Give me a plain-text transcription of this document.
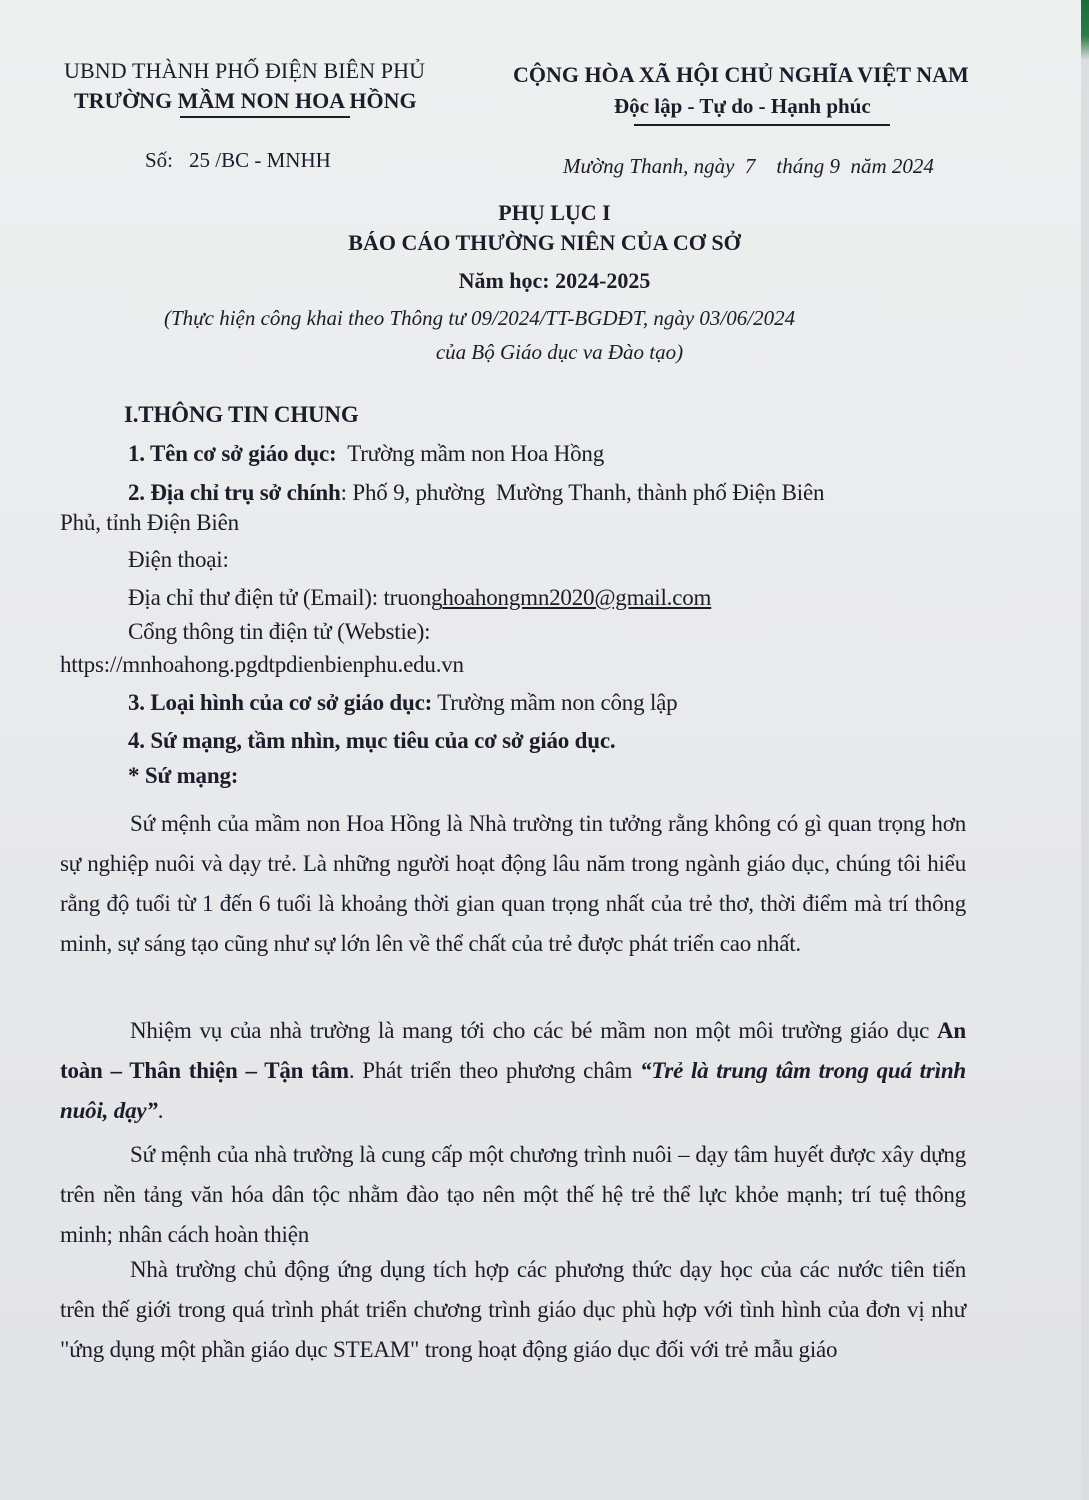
UBND THÀNH PHỐ ĐIỆN BIÊN PHỦ
TRƯỜNG MẦM NON HOA HỒNG
CỘNG HÒA XÃ HỘI CHỦ NGHĨA VIỆT NAM
Độc lập - Tự do - Hạnh phúc
Số: 25 /BC - MNHH	Mường Thanh, ngày  7    tháng 9  năm 2024
PHỤ LỤC I
BÁO CÁO THƯỜNG NIÊN CỦA CƠ SỞ
Năm học: 2024-2025
(Thực hiện công khai theo Thông tư 09/2024/TT-BGDĐT, ngày 03/06/2024
của Bộ Giáo dục va Đào tạo)
I.THÔNG TIN CHUNG
1. Tên cơ sở giáo dục: Trường mầm non Hoa Hồng
2. Địa chỉ trụ sở chính: Phố 9, phường  Mường Thanh, thành phố Điện Biên
Phủ, tỉnh Điện Biên
Điện thoại:
Địa chỉ thư điện tử (Email): truonghoahongmn2020@gmail.com
Cổng thông tin điện tử (Webstie):
https://mnhoahong.pgdtpdienbienphu.edu.vn
3. Loại hình của cơ sở giáo dục: Trường mầm non công lập
4. Sứ mạng, tầm nhìn, mục tiêu của cơ sở giáo dục.
* Sứ mạng:
Sứ mệnh của mầm non Hoa Hồng là Nhà trường tin tưởng rằng không có gì quan trọng hơn sự nghiệp nuôi và dạy trẻ. Là những người hoạt động lâu năm trong ngành giáo dục, chúng tôi hiểu rằng độ tuổi từ 1 đến 6 tuổi là khoảng thời gian quan trọng nhất của trẻ thơ, thời điểm mà trí thông minh, sự sáng tạo cũng như sự lớn lên về thể chất của trẻ được phát triển cao nhất.
Nhiệm vụ của nhà trường là mang tới cho các bé mầm non một môi trường giáo dục An toàn – Thân thiện – Tận tâm. Phát triển theo phương châm “Trẻ là trung tâm trong quá trình nuôi, dạy”.
Sứ mệnh của nhà trường là cung cấp một chương trình nuôi – dạy tâm huyết được xây dựng trên nền tảng văn hóa dân tộc nhằm đào tạo nên một thế hệ trẻ thể lực khỏe mạnh; trí tuệ thông minh; nhân cách hoàn thiện
Nhà trường chủ động ứng dụng tích hợp các phương thức dạy học của các nước tiên tiến trên thế giới trong quá trình phát triển chương trình giáo dục phù hợp với tình hình của đơn vị như "ứng dụng một phần giáo dục STEAM" trong hoạt động giáo dục đối với trẻ mẫu giáo
